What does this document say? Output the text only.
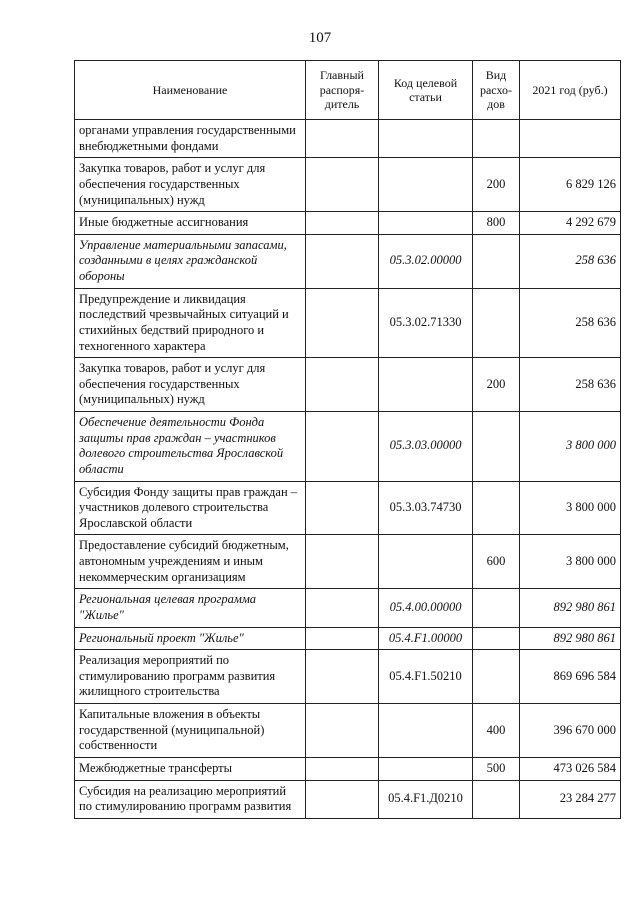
107
Наименование	Главный распоря-дитель	Код целевой статьи	Вид расхо-дов	2021 год (руб.)
органами управления государственными внебюджетными фондами				
Закупка товаров, работ и услуг для обеспечения государственных (муниципальных) нужд			200	6 829 126
Иные бюджетные ассигнования			800	4 292 679
Управление материальными запасами, созданными в целях гражданской обороны		05.3.02.00000		258 636
Предупреждение и ликвидация последствий чрезвычайных ситуаций и стихийных бедствий природного и техногенного характера		05.3.02.71330		258 636
Закупка товаров, работ и услуг для обеспечения государственных (муниципальных) нужд			200	258 636
Обеспечение деятельности Фонда защиты прав граждан – участников долевого строительства Ярославской области		05.3.03.00000		3 800 000
Субсидия Фонду защиты прав граждан – участников долевого строительства Ярославской области		05.3.03.74730		3 800 000
Предоставление субсидий бюджетным, автономным учреждениям и иным некоммерческим организациям			600	3 800 000
Региональная целевая программа "Жилье"		05.4.00.00000		892 980 861
Региональный проект "Жилье"		05.4.F1.00000		892 980 861
Реализация мероприятий по стимулированию программ развития жилищного строительства		05.4.F1.50210		869 696 584
Капитальные вложения в объекты государственной (муниципальной) собственности			400	396 670 000
Межбюджетные трансферты			500	473 026 584
Субсидия на реализацию мероприятий по стимулированию программ развития		05.4.F1.Д0210		23 284 277
